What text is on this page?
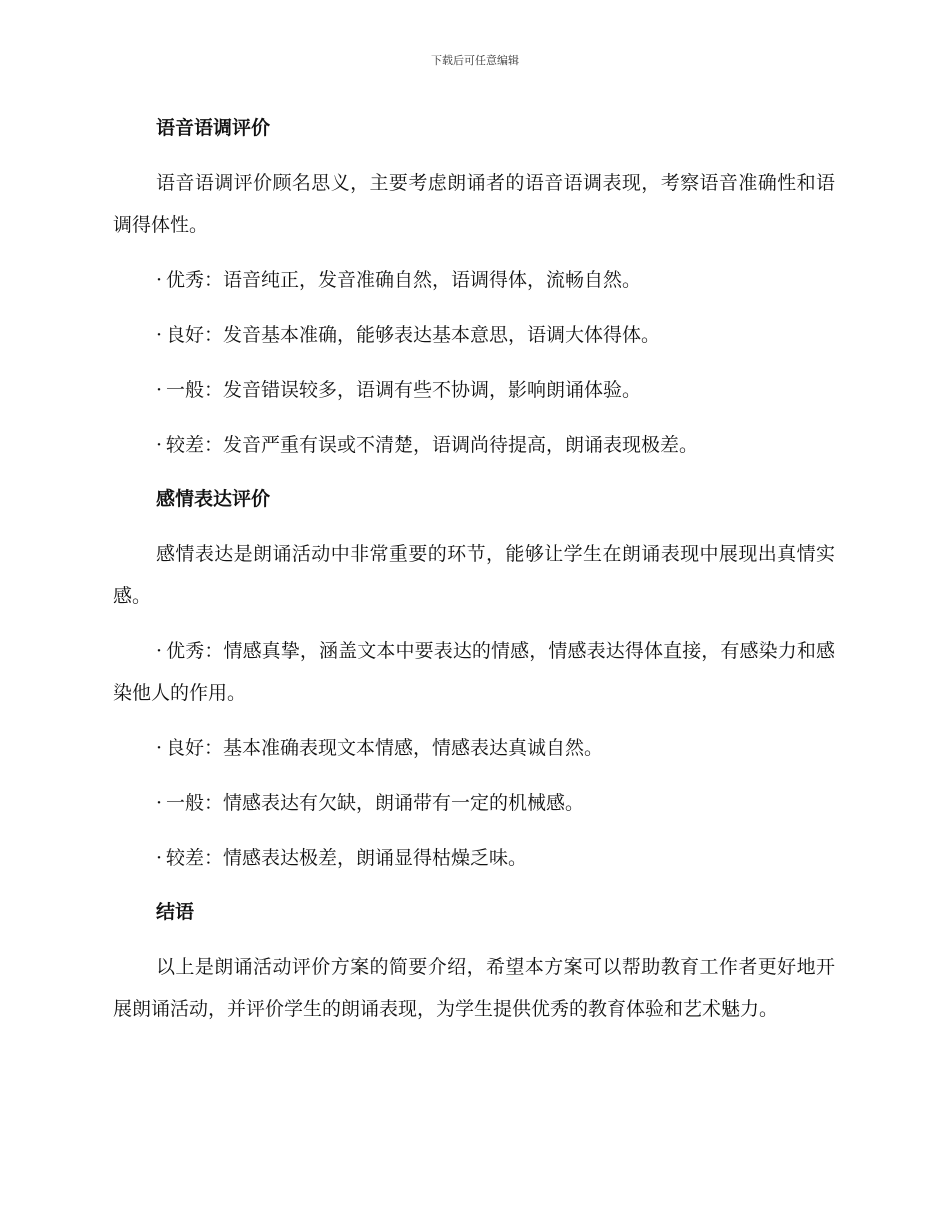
下载后可任意编辑
语音语调评价

语音语调评价顾名思义，主要考虑朗诵者的语音语调表现，考察语音准确性和语调得体性。

· 优秀：语音纯正，发音准确自然，语调得体，流畅自然。

· 良好：发音基本准确，能够表达基本意思，语调大体得体。

· 一般：发音错误较多，语调有些不协调，影响朗诵体验。

· 较差：发音严重有误或不清楚，语调尚待提高，朗诵表现极差。

感情表达评价

感情表达是朗诵活动中非常重要的环节，能够让学生在朗诵表现中展现出真情实感。

· 优秀：情感真挚，涵盖文本中要表达的情感，情感表达得体直接，有感染力和感染他人的作用。

· 良好：基本准确表现文本情感，情感表达真诚自然。

· 一般：情感表达有欠缺，朗诵带有一定的机械感。

· 较差：情感表达极差，朗诵显得枯燥乏味。

结语

以上是朗诵活动评价方案的简要介绍，希望本方案可以帮助教育工作者更好地开展朗诵活动，并评价学生的朗诵表现，为学生提供优秀的教育体验和艺术魅力。
